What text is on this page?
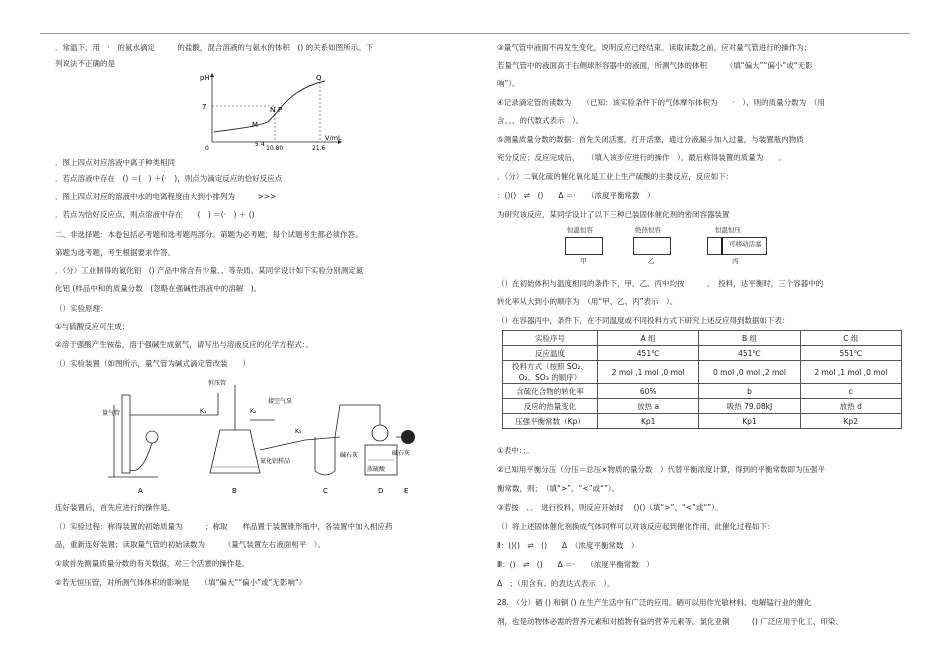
．常温下，用　·　的氨水滴定　　　的盐酸，混合溶液的与氨水的体积　() 的关系如图所示。下
列说法不正确的是
pH
7
M
N P
Q
V/mL
0
5.4
10.80	21.6
．图上四点对应溶液中离子种类相同
．若点溶液中存在　() ＝(　) ＋(·　)，则点为滴定反应的恰好反应点
．图上四点对应的溶液中水的电离程度由大到小排列为　　　>>>
．若点为恰好反应点，则点溶液中存在　　(　) ＝(·　) ＋ ()
二、非选择题：本卷包括必考题和选考题两部分。第题为必考题，每个试题考生都必须作答。
第题为选考题，考生根据要求作答。
．（分）工业制得的氮化铝　() 产品中常含有少量、、等杂质。某同学设计如下实验分别测定氮
化铝 (样品中和的质量分数　(忽略在强碱性溶液中的溶解　)。
（）实验原理：
①与硫酸反应可生成；
②溶于强酸产生铵盐，溶于强碱生成氨气，请写出与溶液反应的化学方程式：。
（）实验装置（如图所示，量气管为碱式滴定管改装　　）
量气管
恒压管
K₁	K₂
接空气泵
氮化铝样品
K₃
碱石灰
浓硫酸
碱石灰
A	B	C	D	E
连好装置后，首先应进行的操作是。
（）实验过程：称得装置的初始质量为　　　；称取　　样品置于装置锥形瓶中，各装置中加入相应药
品，重新连好装置；读取量气管的初始读数为　　　（量气装置左右液面相平　）。
①欲首先测量质量分数的有关数据，对三个活塞的操作是。
②若无恒压管，对所测气体体积的影响是　　（填“偏大”“偏小”或“无影响”）
③量气管中液面不再发生变化，说明反应已经结束。读取读数之前，应对量气管进行的操作为；
若量气管中的液面高于右侧球形容器中的液面，所测气体的体积　　　（填“偏大”“偏小”或“无影
响”）。
④记录滴定管的读数为　　（已知：该实验条件下的气体摩尔体积为　　·　），则的质量分数为　（用
含、、、的代数式表示　）。
⑤测量质量分数的数据：首先关闭活塞，打开活塞，通过分液漏斗加入过量，与装置瓶内物质
充分反应；反应完成后，　　（填入该步应进行的操作　），最后称得装置的质量为　　。
．（分）二氧化硫的催化氧化是工业上生产硫酸的主要反应，反应如下：
：()()　⇌　()　　Δ ＝·　　（浓度平衡常数　）
为研究该反应，某同学设计了以下三种已装固体催化剂的密闭容器装置
恒温恒容
甲
绝热恒容
乙
恒温恒压
可移动活塞
丙
（）在初始体积与温度相同的条件下，甲、乙、丙中均按　　　、　投料，达平衡时，三个容器中的
转化率从大到小的顺序为　（用“甲、乙、丙”表示　）。
（）在容器丙中，条件下，在不同温度或不同投料方式下研究上述反应得到数据如下表：
实验序号	A 组	B 组	C 组
反应温度	451℃	451℃	551℃
投料方式（按照 SO₂、O₂、SO₃ 的顺序）	2 mol ,1 mol ,0 mol	0 mol ,0 mol ,2 mol	2 mol ,1 mol ,0 mol
含硫化合物的转化率	60%	b	c
反应的热量变化	放热 a	吸热 79.08kJ	放热 d
压强平衡常数（Kp）	Kp1	Kp1	Kp2
①表中：；。
②已知用平衡分压（分压＝总压×物质的量分数　）代替平衡浓度计算，得到的平衡常数即为压强平
衡常数，则；　（填“>”、“<”或“”）。
③若按　、、　进行投料，则反应开始时　 ()()（填“>”、“<”或“”）。
（）将上述固体催化剂换成气体同样可以对该反应起到催化作用，此催化过程如下：
Ⅱ：()()　⇌　()　　Δ　（浓度平衡常数　）
Ⅲ：()　⇌　()　　Δ ＝·　　（浓度平衡常数　）
Δ　；（用含有、的表达式表示　）。
28.　（分）硒 () 和铜 () 在生产生活中有广泛的应用。硒可以用作光敏材料、电解锰行业的催化
剂，也是动物体必需的营养元素和对植物有益的营养元素等。氯化亚铜　　　() 广泛应用于化工、印染、
